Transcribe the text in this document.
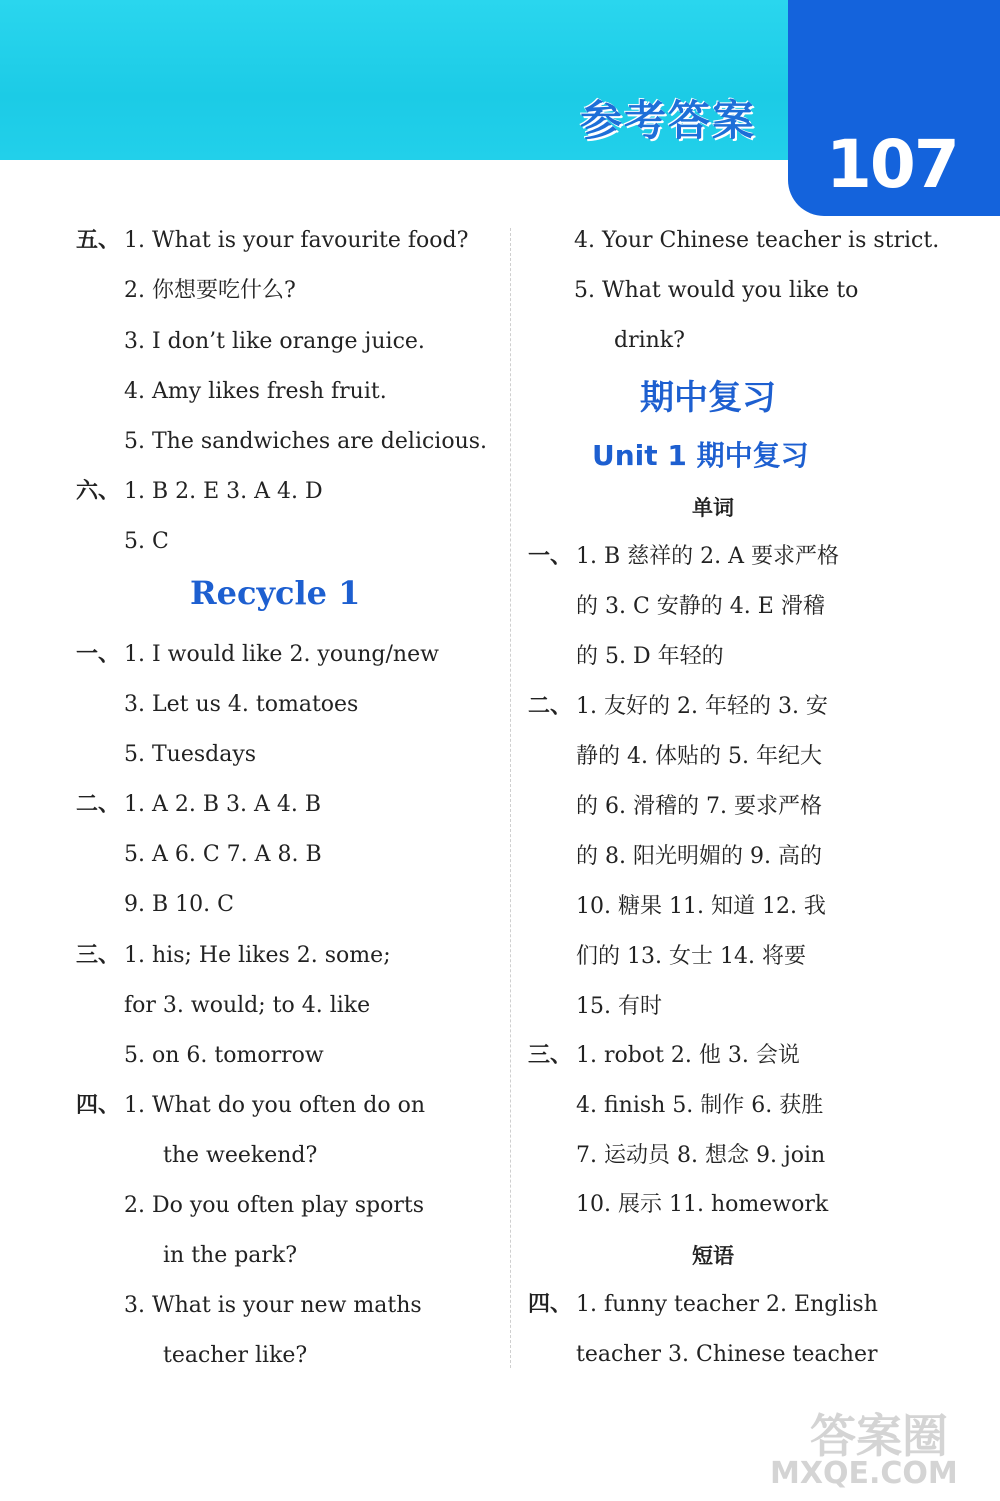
参考答案
107
五、 1. What is your favourite food?
2. 你想要吃什么?
3. I don’t like orange juice.
4. Amy likes fresh fruit.
5. The sandwiches are delicious.
六、 1. B 2. E 3. A 4. D
5. C
Recycle 1
一、 1. I would like 2. young/new
3. Let us 4. tomatoes
5. Tuesdays
二、 1. A 2. B 3. A 4. B
5. A 6. C 7. A 8. B
9. B 10. C
三、 1. his; He likes 2. some;
for 3. would; to 4. like
5. on 6. tomorrow
四、 1. What do you often do on
the weekend?
2. Do you often play sports
in the park?
3. What is your new maths
teacher like?
4. Your Chinese teacher is strict.
5. What would you like to
drink?
期中复习
Unit 1 期中复习
单词
一、 1. B 慈祥的 2. A 要求严格
的 3. C 安静的 4. E 滑稽
的 5. D 年轻的
二、 1. 友好的 2. 年轻的 3. 安
静的 4. 体贴的 5. 年纪大
的 6. 滑稽的 7. 要求严格
的 8. 阳光明媚的 9. 高的
10. 糖果 11. 知道 12. 我
们的 13. 女士 14. 将要
15. 有时
三、 1. robot 2. 他 3. 会说
4. finish 5. 制作 6. 获胜
7. 运动员 8. 想念 9. join
10. 展示 11. homework
短语
四、 1. funny teacher 2. English
teacher 3. Chinese teacher
答案圈
MXQE.COM
